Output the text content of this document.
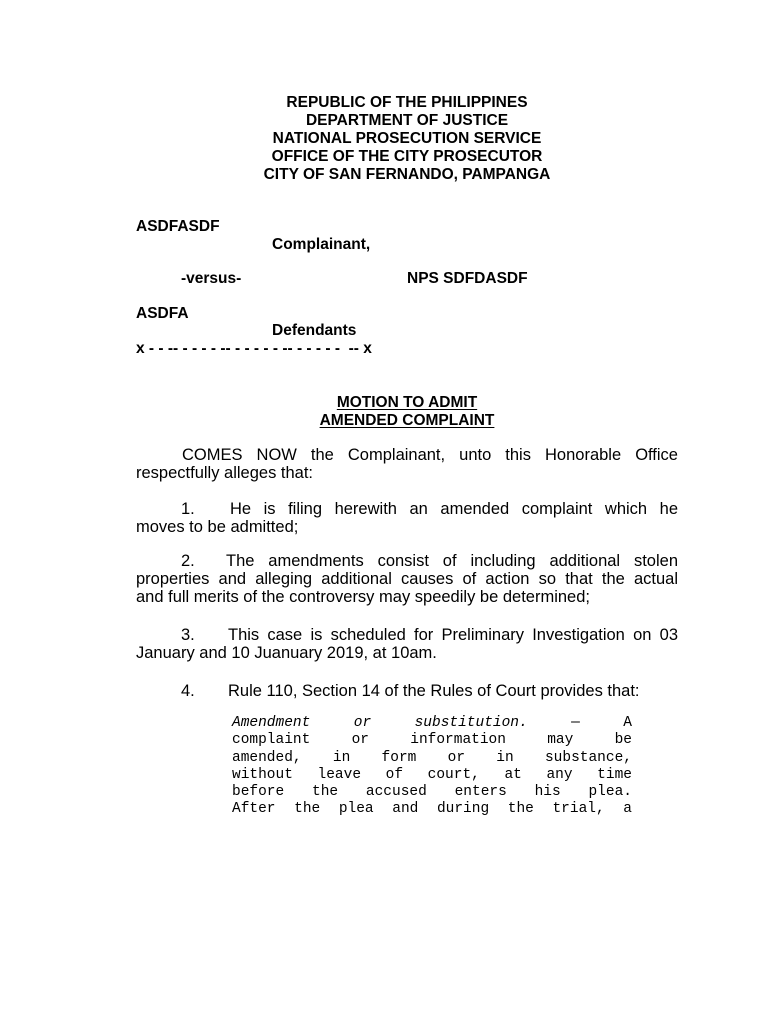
REPUBLIC OF THE PHILIPPINES
DEPARTMENT OF JUSTICE
NATIONAL PROSECUTION SERVICE
OFFICE OF THE CITY PROSECUTOR
CITY OF SAN FERNANDO, PAMPANGA
ASDFASDF
Complainant,
-versus-	NPS SDFDASDF
ASDFA
Defendants
x - - -- - - - - -- - - - - - -- - - - - -  -- x
MOTION TO ADMIT
AMENDED COMPLAINT
COMES NOW the Complainant, unto this Honorable Office
respectfully alleges that:
1.	He is filing herewith an amended complaint which he
moves to be admitted;
2.	The amendments consist of including additional stolen
properties and alleging additional causes of action so that the actual
and full merits of the controversy may speedily be determined;
3.	This case is scheduled for Preliminary Investigation on 03
January and 10 Juanuary 2019, at 10am.
4. Rule 110, Section 14 of the Rules of Court provides that:
Amendment or substitution.	— A
complaint or information may be
amended, in form or in substance,
without leave of court, at any time
before the accused enters his plea.
After the plea and during the trial, a
